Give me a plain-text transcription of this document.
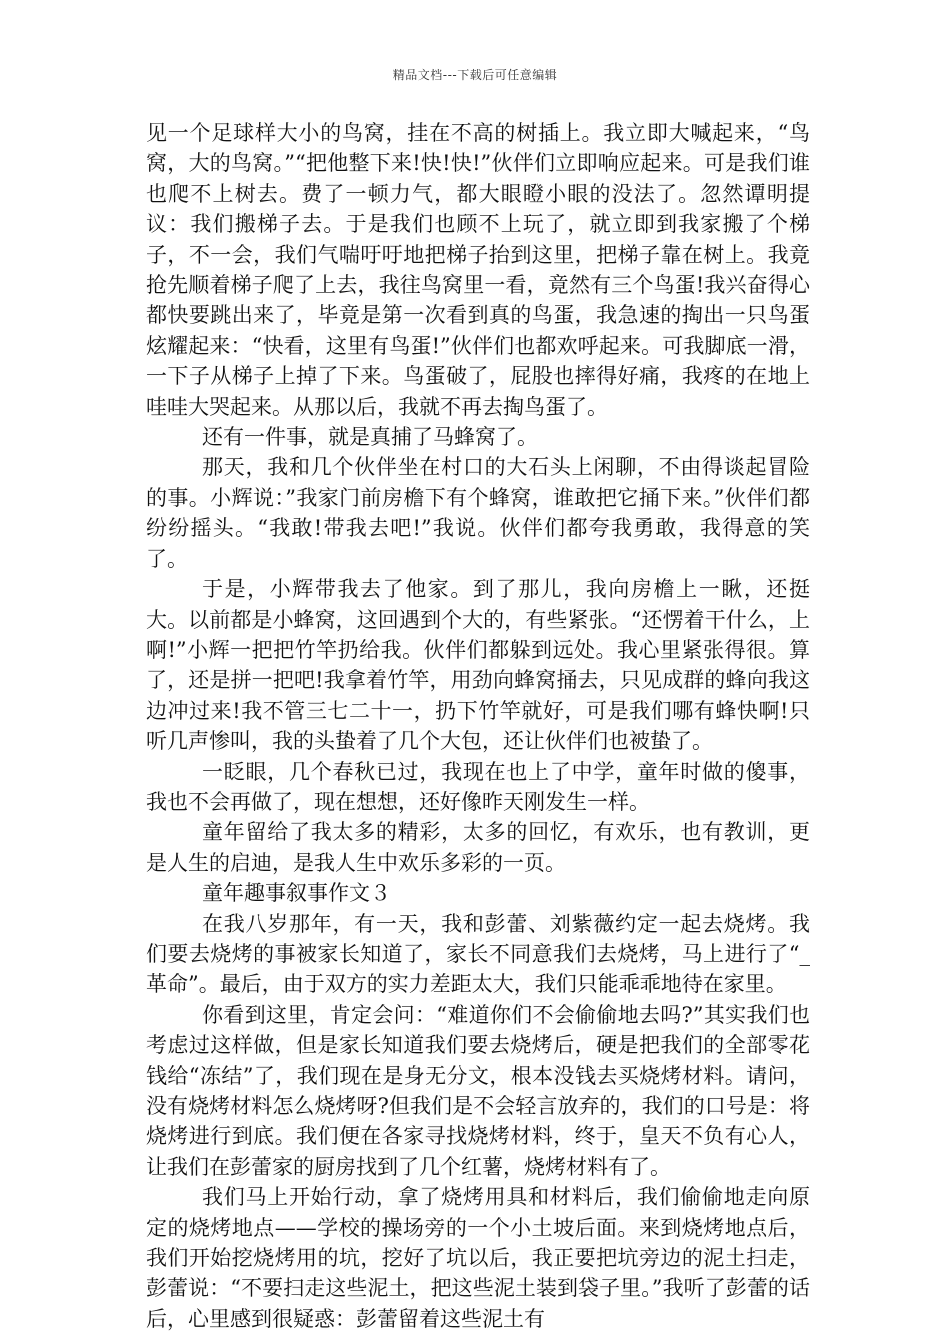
精品文档---下载后可任意编辑

见一个足球样大小的鸟窝，挂在不高的树插上。我立即大喊起来，“鸟窝，大的鸟窝。”“把他整下来!快!快!”伙伴们立即响应起来。可是我们谁也爬不上树去。费了一顿力气，都大眼瞪小眼的没法了。忽然谭明提议：我们搬梯子去。于是我们也顾不上玩了，就立即到我家搬了个梯子，不一会，我们气喘吁吁地把梯子抬到这里，把梯子靠在树上。我竟抢先顺着梯子爬了上去，我往鸟窝里一看，竟然有三个鸟蛋!我兴奋得心都快要跳出来了，毕竟是第一次看到真的鸟蛋，我急速的掏出一只鸟蛋炫耀起来：“快看，这里有鸟蛋!”伙伴们也都欢呼起来。可我脚底一滑，一下子从梯子上掉了下来。鸟蛋破了，屁股也摔得好痛，我疼的在地上哇哇大哭起来。从那以后，我就不再去掏鸟蛋了。

还有一件事，就是真捕了马蜂窝了。

那天，我和几个伙伴坐在村口的大石头上闲聊，不由得谈起冒险的事。小辉说：”我家门前房檐下有个蜂窝，谁敢把它捅下来。”伙伴们都纷纷摇头。“我敢!带我去吧!”我说。伙伴们都夸我勇敢，我得意的笑了。

于是，小辉带我去了他家。到了那儿，我向房檐上一瞅，还挺大。以前都是小蜂窝，这回遇到个大的，有些紧张。“还愣着干什么，上啊!”小辉一把把竹竿扔给我。伙伴们都躲到远处。我心里紧张得很。算了，还是拼一把吧!我拿着竹竿，用劲向蜂窝捅去，只见成群的蜂向我这边冲过来!我不管三七二十一，扔下竹竿就好，可是我们哪有蜂快啊!只听几声惨叫，我的头蛰着了几个大包，还让伙伴们也被蛰了。

一眨眼，几个春秋已过，我现在也上了中学，童年时做的傻事，我也不会再做了，现在想想，还好像昨天刚发生一样。

童年留给了我太多的精彩，太多的回忆，有欢乐，也有教训，更是人生的启迪，是我人生中欢乐多彩的一页。

童年趣事叙事作文３

在我八岁那年，有一天，我和彭蕾、刘紫薇约定一起去烧烤。我们要去烧烤的事被家长知道了，家长不同意我们去烧烤，马上进行了“_革命”。最后，由于双方的实力差距太大，我们只能乖乖地待在家里。

你看到这里，肯定会问：“难道你们不会偷偷地去吗?”其实我们也考虑过这样做，但是家长知道我们要去烧烤后，硬是把我们的全部零花钱给“冻结”了，我们现在是身无分文，根本没钱去买烧烤材料。请问，没有烧烤材料怎么烧烤呀?但我们是不会轻言放弃的，我们的口号是：将烧烤进行到底。我们便在各家寻找烧烤材料，终于，皇天不负有心人，让我们在彭蕾家的厨房找到了几个红薯，烧烤材料有了。

我们马上开始行动，拿了烧烤用具和材料后，我们偷偷地走向原定的烧烤地点——学校的操场旁的一个小土坡后面。来到烧烤地点后，我们开始挖烧烤用的坑，挖好了坑以后，我正要把坑旁边的泥土扫走，彭蕾说：“不要扫走这些泥土，把这些泥土装到袋子里。”我听了彭蕾的话后，心里感到很疑惑：彭蕾留着这些泥土有
